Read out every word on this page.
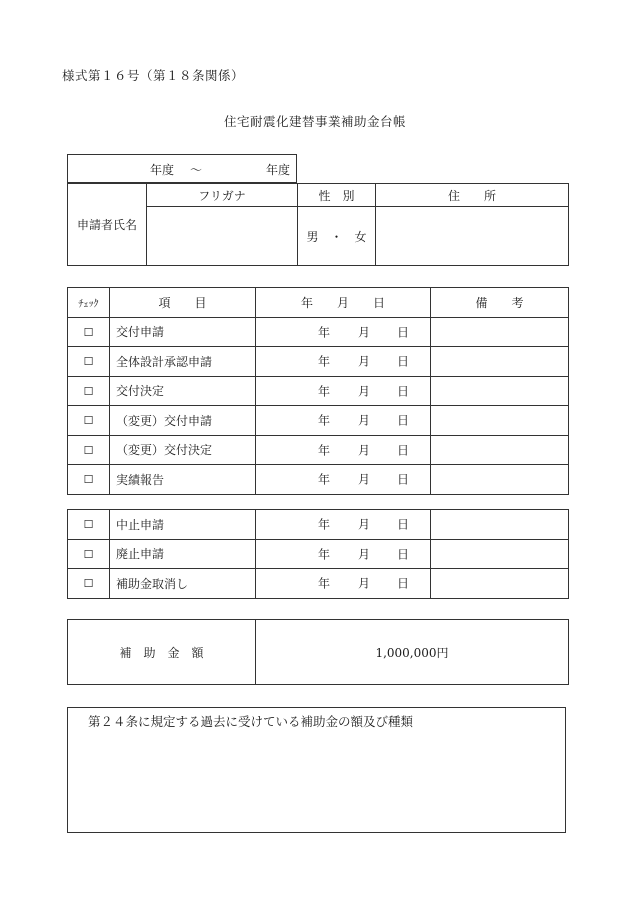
様式第１６号（第１８条関係）
住宅耐震化建替事業補助金台帳
年度 ～	年度
申請者氏名	フリガナ	性　別	住　　所
		男　・　女	
ﾁｪｯｸ	項　　目	年　　月　　日	備　　考
☐	交付申請	年 月 日	

☐	全体設計承認申請	年 月 日	

☐	交付決定	年 月 日	

☐	（変更）交付申請	年 月 日	

☐	（変更）交付決定	年 月 日	

☐	実績報告	年 月 日	

☐	中止申請	年 月 日	

☐	廃止申請	年 月 日	

☐	補助金取消し	年 月 日	

補　助　金　額	1,000,000円
第２４条に規定する過去に受けている補助金の額及び種類
